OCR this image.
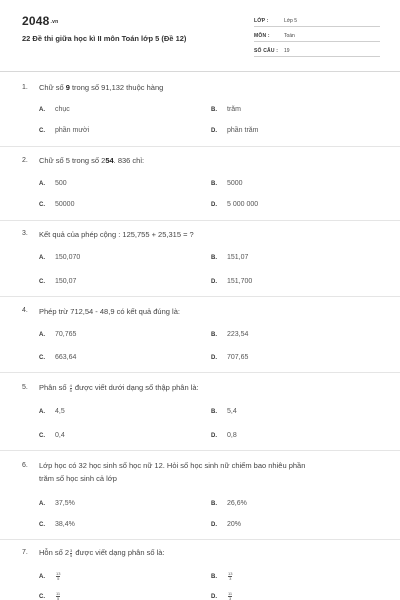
2048.vn
22 Đề thi giữa học kì II môn Toán lớp 5 (Đề 12)
LỚP :	Lớp 5
MÔN :	Toán
SỐ CÂU :	19
1. Chữ số 9 trong số 91,132 thuộc hàng
A. chục	B. trăm
C. phần mười	D. phần trăm
2. Chữ số 5 trong số 254. 836 chỉ:
A. 500	B. 5000
C. 50000	D. 5 000 000
3. Kết quả của phép cộng : 125,755 + 25,315 = ?
A. 150,070	B. 151,07
C. 150,07	D. 151,700
4. Phép trừ 712,54 - 48,9 có kết quả đúng là:
A. 70,765	B. 223,54
C. 663,64	D. 707,65
5. Phân số $\frac{4}{5}$ được viết dưới dạng số thập phân là:
A. 4,5	B. 5,4
C. 0,4	D. 0,8
6. Lớp học có 32 học sinh số học nữ 12. Hỏi số học sinh nữ chiếm bao nhiêu phần
trăm số học sinh cả lớp
A. 37,5%	B. 26,6%
C. 38,4%	D. 20%
7. Hỗn số $2 \frac{3}{5}$ được viết dạng phân số là:
A.	$\frac{13}{5}$	B.	$\frac{13}{3}$
C.	$\frac{11}{5}$	D.	$\frac{11}{3}$
